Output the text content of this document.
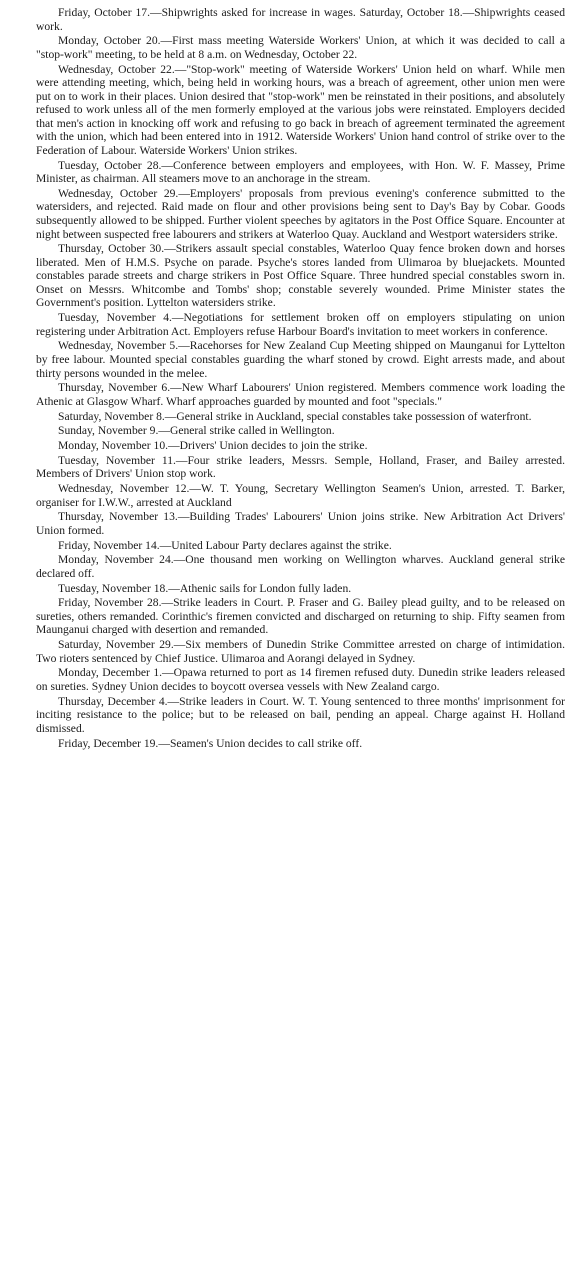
Friday, October 17.—Shipwrights asked for increase in wages. Saturday, October 18.—Shipwrights ceased work.

Monday, October 20.—First mass meeting Waterside Workers' Union, at which it was decided to call a "stop-work" meeting, to be held at 8 a.m. on Wednesday, October 22.

Wednesday, October 22.—"Stop-work" meeting of Waterside Workers' Union held on wharf. While men were attending meeting, which, being held in working hours, was a breach of agreement, other union men were put on to work in their places. Union desired that "stop-work" men be reinstated in their positions, and absolutely refused to work unless all of the men formerly employed at the various jobs were reinstated. Employers decided that men's action in knocking off work and refusing to go back in breach of agreement terminated the agreement with the union, which had been entered into in 1912. Waterside Workers' Union hand control of strike over to the Federation of Labour. Waterside Workers' Union strikes.

Tuesday, October 28.—Conference between employers and employees, with Hon. W. F. Massey, Prime Minister, as chairman. All steamers move to an anchorage in the stream.

Wednesday, October 29.—Employers' proposals from previous evening's conference submitted to the watersiders, and rejected. Raid made on flour and other provisions being sent to Day's Bay by Cobar. Goods subsequently allowed to be shipped. Further violent speeches by agitators in the Post Office Square. Encounter at night between suspected free labourers and strikers at Waterloo Quay. Auckland and Westport watersiders strike.

Thursday, October 30.—Strikers assault special constables, Waterloo Quay fence broken down and horses liberated. Men of H.M.S. Psyche on parade. Psyche's stores landed from Ulimaroa by bluejackets. Mounted constables parade streets and charge strikers in Post Office Square. Three hundred special constables sworn in. Onset on Messrs. Whitcombe and Tombs' shop; constable severely wounded. Prime Minister states the Government's position. Lyttelton watersiders strike.

Tuesday, November 4.—Negotiations for settlement broken off on employers stipulating on union registering under Arbitration Act. Employers refuse Harbour Board's invitation to meet workers in conference.

Wednesday, November 5.—Racehorses for New Zealand Cup Meeting shipped on Maunganui for Lyttelton by free labour. Mounted special constables guarding the wharf stoned by crowd. Eight arrests made, and about thirty persons wounded in the melee.

Thursday, November 6.—New Wharf Labourers' Union registered. Members commence work loading the Athenic at Glasgow Wharf. Wharf approaches guarded by mounted and foot "specials."

Saturday, November 8.—General strike in Auckland, special constables take possession of waterfront.

Sunday, November 9.—General strike called in Wellington.

Monday, November 10.—Drivers' Union decides to join the strike.

Tuesday, November 11.—Four strike leaders, Messrs. Semple, Holland, Fraser, and Bailey arrested. Members of Drivers' Union stop work.

Wednesday, November 12.—W. T. Young, Secretary Wellington Seamen's Union, arrested. T. Barker, organiser for I.W.W., arrested at Auckland

Thursday, November 13.—Building Trades' Labourers' Union joins strike. New Arbitration Act Drivers' Union formed.

Friday, November 14.—United Labour Party declares against the strike.

Monday, November 24.—One thousand men working on Wellington wharves. Auckland general strike declared off.

Tuesday, November 18.—Athenic sails for London fully laden.

Friday, November 28.—Strike leaders in Court. P. Fraser and G. Bailey plead guilty, and to be released on sureties, others remanded. Corinthic's firemen convicted and discharged on returning to ship. Fifty seamen from Maunganui charged with desertion and remanded.

Saturday, November 29.—Six members of Dunedin Strike Committee arrested on charge of intimidation. Two rioters sentenced by Chief Justice. Ulimaroa and Aorangi delayed in Sydney.

Monday, December 1.—Opawa returned to port as 14 firemen refused duty. Dunedin strike leaders released on sureties. Sydney Union decides to boycott oversea vessels with New Zealand cargo.

Thursday, December 4.—Strike leaders in Court. W. T. Young sentenced to three months' imprisonment for inciting resistance to the police; but to be released on bail, pending an appeal. Charge against H. Holland dismissed.

Friday, December 19.—Seamen's Union decides to call strike off.
